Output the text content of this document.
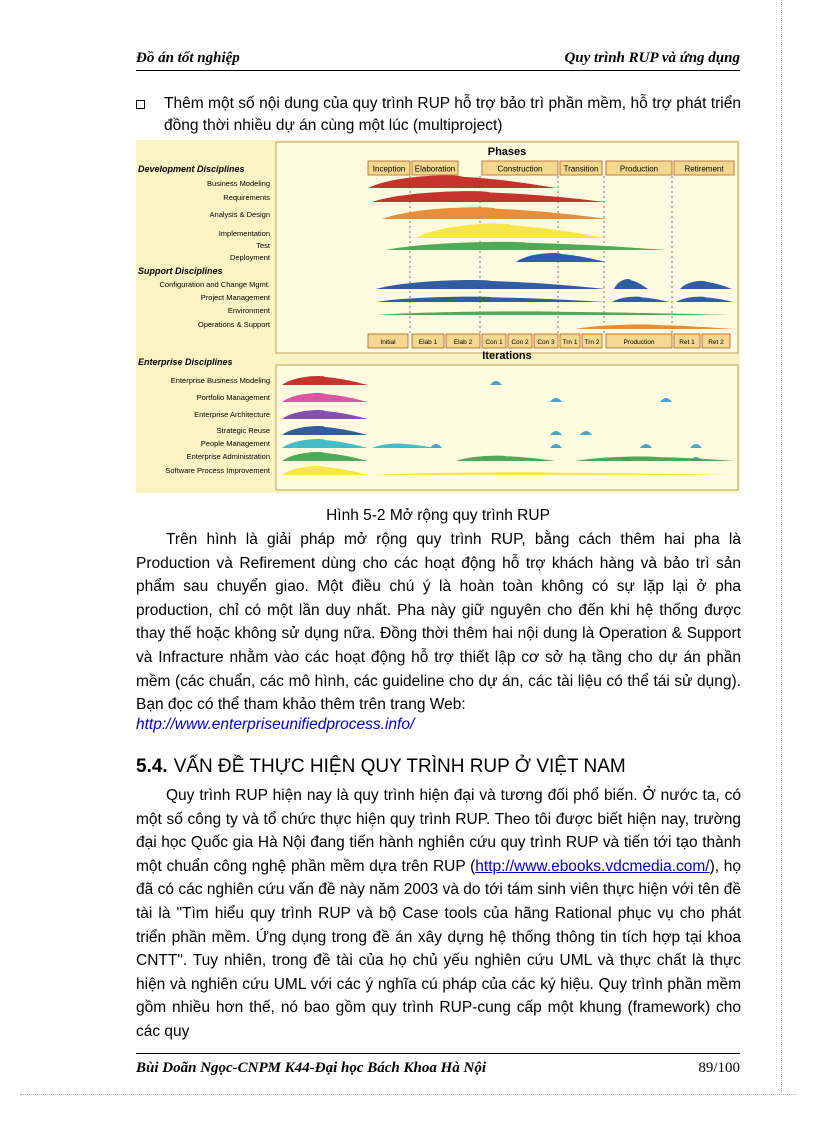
Đồ án tốt nghiệp	Quy trình RUP và ứng dụng
Thêm một số nội dung của quy trình RUP hỗ trợ bảo trì phần mềm, hỗ trợ phát triển đồng thời nhiều dự án cùng một lúc (multiproject)
Phases
Iterations
Inception Elaboration	Construction	Transition	Production	Retirement
Initial	Elab 1	Elab 2 Con 1 Con 2 Con 3 Trn 1 Trn 2	Production	Ret 1 Ret 2
Development Disciplines
Support Disciplines
Enterprise Disciplines
Business Modeling
Requirements
Analysis & Design
Implementation
Test
Deployment
Configuration and Change Mgmt.
Project Management
Environment
Operations & Support
Enterprise Business Modeling
Portfolio Management
Enterprise Architecture
Strategic Reuse
People Management
Enterprise Administration
Software Process Improvement
Hình 5-2 Mở rộng quy trình RUP
Trên hình là giải pháp mở rộng quy trình RUP, bằng cách thêm hai pha là Production và Refirement dùng cho các hoạt động hỗ trợ khách hàng và bảo trì sản phẩm sau chuyển giao. Một điều chú ý là hoàn toàn không có sự lặp lại ở pha production, chỉ có một lần duy nhất. Pha này giữ nguyên cho đến khi hệ thống được thay thế hoặc không sử dụng nữa. Đồng thời thêm hai nội dung là Operation & Support và Infracture nhằm vào các hoạt động hỗ trợ thiết lập cơ sở hạ tầng cho dự án phần mềm (các chuẩn, các mô hình, các guideline cho dự án, các tài liệu có thể tái sử dụng). Bạn đọc có thể tham khảo thêm trên trang Web:
http://www.enterpriseunifiedprocess.info/
5.4. VẤN ĐỀ THỰC HIỆN QUY TRÌNH RUP Ở VIỆT NAM
Quy trình RUP hiện nay là quy trình hiện đại và tương đối phổ biến. Ở nước ta, có một số công ty và tổ chức thực hiện quy trình RUP. Theo tôi được biết hiện nay, trường đại học Quốc gia Hà Nội đang tiến hành nghiên cứu quy trình RUP và tiến tới tạo thành một chuẩn công nghệ phần mềm dựa trên RUP (http://www.ebooks.vdcmedia.com/), họ đã có các nghiên cứu vấn đề này năm 2003 và do tới tám sinh viên thực hiện với tên đề tài là "Tìm hiểu quy trình RUP và bộ Case tools của hãng Rational phục vụ cho phát triển phần mềm. Ứng dụng trong đề án xây dựng hệ thống thông tin tích hợp tại khoa CNTT". Tuy nhiên, trong đề tài của họ chủ yếu nghiên cứu UML và thực chất là thực hiện và nghiên cứu UML với các ý nghĩa cú pháp của các ký hiệu. Quy trình phần mềm gồm nhiều hơn thế, nó bao gồm quy trình RUP-cung cấp một khung (framework) cho các quy
Bùi Doãn Ngọc-CNPM K44-Đại học Bách Khoa Hà Nội	89/100
